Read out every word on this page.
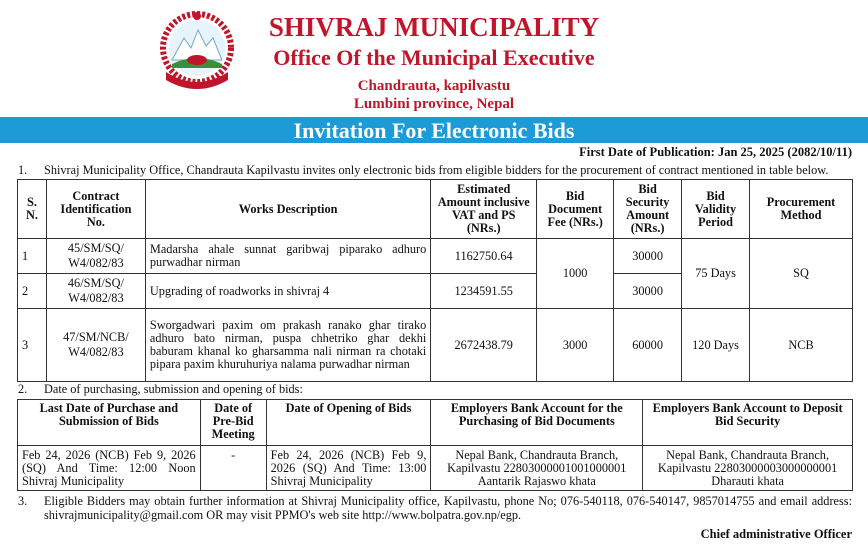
SHIVRAJ MUNICIPALITY
Office Of the Municipal Executive
Chandrauta, kapilvastu
Lumbini province, Nepal
Invitation For Electronic Bids
First Date of Publication: Jan 25, 2025 (2082/10/11)
1. Shivraj Municipality Office, Chandrauta Kapilvastu invites only electronic bids from eligible bidders for the procurement of contract mentioned in table below.
S. N.	Contract Identification No.	Works Description	Estimated Amount inclusive VAT and PS (NRs.)	Bid Document Fee (NRs.)	Bid Security Amount (NRs.)	Bid Validity Period	Procurement Method
1	45/SM/SQ/ W4/082/83	Madarsha ahale sunnat garibwaj piparako adhuro purwadhar nirman	1162750.64	1000	30000	75 Days	SQ
2	46/SM/SQ/ W4/082/83	Upgrading of roadworks in shivraj 4	1234591.55		30000		
3	47/SM/NCB/ W4/082/83	Sworgadwari paxim om prakash ranako ghar tirako adhuro bato nirman, puspa chhetriko ghar dekhi baburam khanal ko gharsamma nali nirman ra chotaki pipara paxim khuruhuriya nalama purwadhar nirman	2672438.79	3000	60000	120 Days	NCB
2. Date of purchasing, submission and opening of bids:
Last Date of Purchase and Submission of Bids	Date of Pre-Bid Meeting	Date of Opening of Bids	Employers Bank Account for the Purchasing of Bid Documents	Employers Bank Account to Deposit Bid Security
Feb 24, 2026 (NCB) Feb 9, 2026 (SQ) And Time: 12:00 Noon Shivraj Municipality	-	Feb 24, 2026 (NCB) Feb 9, 2026 (SQ) And Time: 13:00 Shivraj Municipality	Nepal Bank, Chandrauta Branch, Kapilvastu 22803000001001000001 Aantarik Rajaswo khata	Nepal Bank, Chandrauta Branch, Kapilvastu 22803000003000000001 Dharauti khata
3. Eligible Bidders may obtain further information at Shivraj Municipality office, Kapilvastu, phone No; 076-540118, 076-540147, 9857014755 and email address: shivrajmunicipality@gmail.com OR may visit PPMO's web site http://www.bolpatra.gov.np/egp.
Chief administrative Officer
